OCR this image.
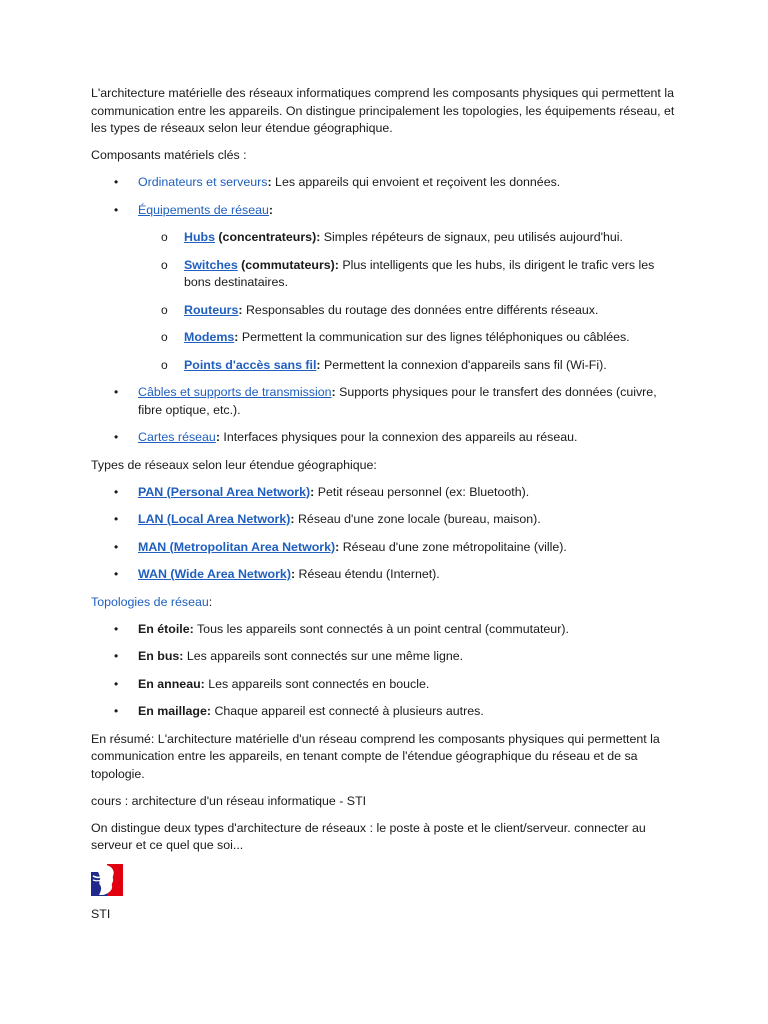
L'architecture matérielle des réseaux informatiques comprend les composants physiques qui permettent la communication entre les appareils. On distingue principalement les topologies, les équipements réseau, et les types de réseaux selon leur étendue géographique.

Composants matériels clés :

• Ordinateurs et serveurs: Les appareils qui envoient et reçoivent les données.
• Équipements de réseau:
o Hubs (concentrateurs): Simples répéteurs de signaux, peu utilisés aujourd'hui.
o Switches (commutateurs): Plus intelligents que les hubs, ils dirigent le trafic vers les bons destinataires.
o Routeurs: Responsables du routage des données entre différents réseaux.
o Modems: Permettent la communication sur des lignes téléphoniques ou câblées.
o Points d'accès sans fil: Permettent la connexion d'appareils sans fil (Wi-Fi).
• Câbles et supports de transmission: Supports physiques pour le transfert des données (cuivre, fibre optique, etc.).
• Cartes réseau: Interfaces physiques pour la connexion des appareils au réseau.

Types de réseaux selon leur étendue géographique:

• PAN (Personal Area Network): Petit réseau personnel (ex: Bluetooth).
• LAN (Local Area Network): Réseau d'une zone locale (bureau, maison).
• MAN (Metropolitan Area Network): Réseau d'une zone métropolitaine (ville).
• WAN (Wide Area Network): Réseau étendu (Internet).

Topologies de réseau:

• En étoile: Tous les appareils sont connectés à un point central (commutateur).
• En bus: Les appareils sont connectés sur une même ligne.
• En anneau: Les appareils sont connectés en boucle.
• En maillage: Chaque appareil est connecté à plusieurs autres.

En résumé: L'architecture matérielle d'un réseau comprend les composants physiques qui permettent la communication entre les appareils, en tenant compte de l'étendue géographique du réseau et de sa topologie.

cours : architecture d'un réseau informatique - STI

On distingue deux types d'architecture de réseaux : le poste à poste et le client/serveur. connecter au serveur et ce quel que soi...

STI
